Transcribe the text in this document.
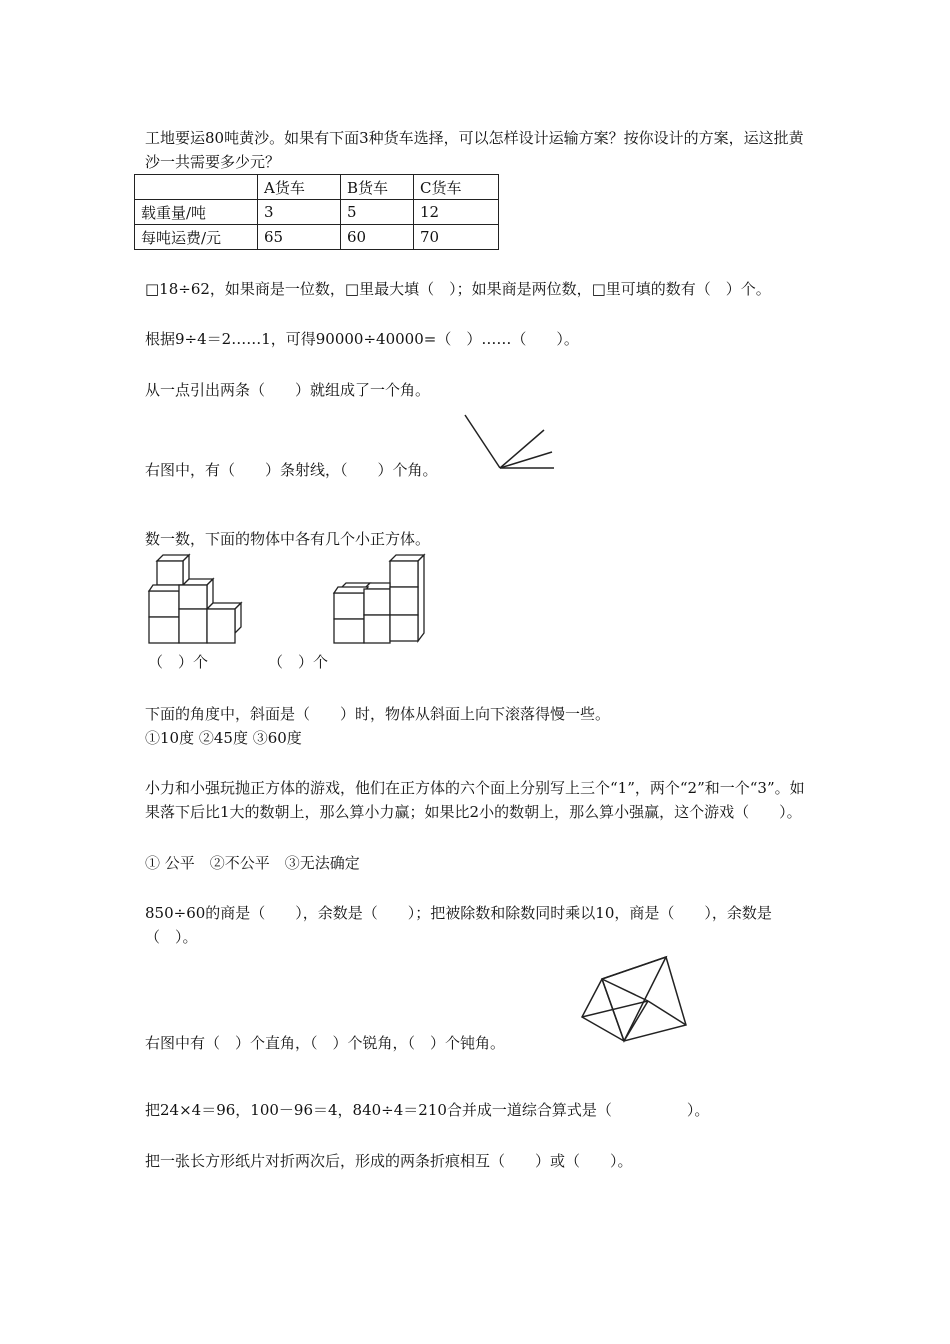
工地要运80吨黄沙。如果有下面3种货车选择，可以怎样设计运输方案？按你设计的方案，运这批黄沙一共需要多少元？
	A货车	B货车	C货车
载重量/吨	3	5	12
每吨运费/元	65	60	70
□18÷62，如果商是一位数，□里最大填（　）；如果商是两位数，□里可填的数有（　）个。
根据9÷4＝2……1，可得90000÷40000=（　）……（　　）。
从一点引出两条（　　）就组成了一个角。
右图中，有（　　）条射线，（　　）个角。
数一数，下面的物体中各有几个小正方体。
（　）个	（　）个
下面的角度中，斜面是（　　）时，物体从斜面上向下滚落得慢一些。
①10度 ②45度 ③60度
小力和小强玩抛正方体的游戏，他们在正方体的六个面上分别写上三个“1”，两个“2”和一个“3”。如果落下后比1大的数朝上，那么算小力赢；如果比2小的数朝上，那么算小强赢，这个游戏（　　）。
① 公平　②不公平　③无法确定
850÷60的商是（　　），余数是（　　）；把被除数和除数同时乘以10，商是（　　），余数是（　）。
右图中有（　）个直角，（　）个锐角，（　）个钝角。
把24×4＝96，100－96＝4，840÷4＝210合并成一道综合算式是（　　　　　）。
把一张长方形纸片对折两次后，形成的两条折痕相互（　　）或（　　）。
